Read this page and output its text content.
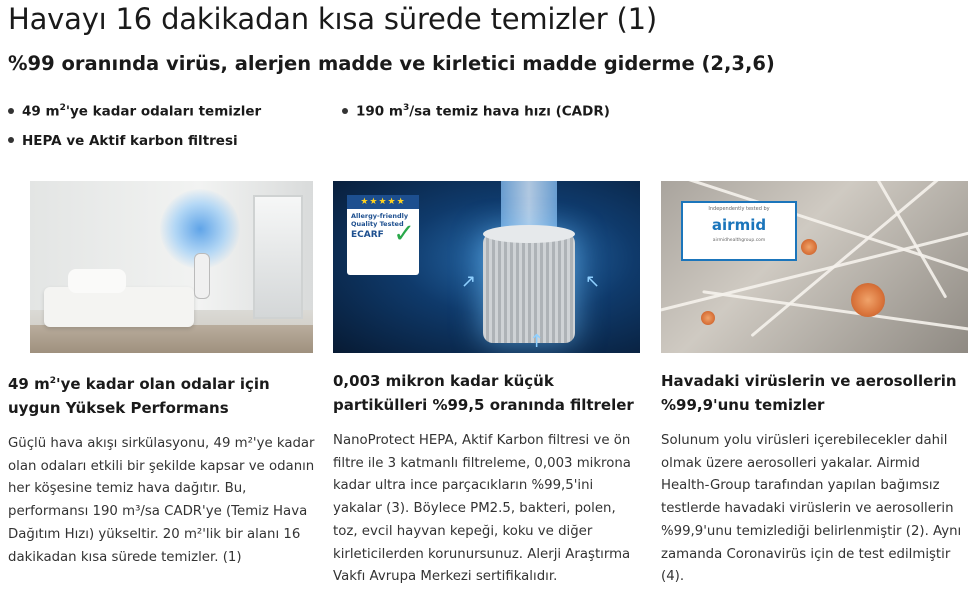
Havayı 16 dakikadan kısa sürede temizler (1)
%99 oranında virüs, alerjen madde ve kirletici madde giderme (2,3,6)
49 $m^2'ye$ kadar odaları temizler	190 $m^3/sa$ temiz hava hızı (CADR)
HEPA ve Aktif karbon filtresi
49 $m^2'ye$ kadar olan odalar için uygun Yüksek Performans

Güçlü hava akışı sirkülasyonu, 49 m²'ye kadar olan odaları etkili bir şekilde kapsar ve odanın her köşesine temiz hava dağıtır. Bu, performansı 190 m³/sa CADR'ye (Temiz Hava Dağıtım Hızı) yükseltir. 20 m²'lik bir alanı 16 dakikadan kısa sürede temizler. (1)

↗	↖
↑
★★★★★
Allergy-friendly
Quality Tested
ECARF ✓
0,003 mikron kadar küçük partikülleri %99,5 oranında filtreler

NanoProtect HEPA, Aktif Karbon filtresi ve ön filtre ile 3 katmanlı filtreleme, 0,003 mikrona kadar ultra ince parçacıkların %99,5'ini yakalar (3). Böylece PM2.5, bakteri, polen, toz, evcil hayvan kepeği, koku ve diğer kirleticilerden korunursunuz. Alerji Araştırma Vakfı Avrupa Merkezi sertifikalıdır.

Independently tested by
airmid
airmidhealthgroup.com
Havadaki virüslerin ve aerosollerin %99,9'unu temizler

Solunum yolu virüsleri içerebilecekler dahil olmak üzere aerosolleri yakalar. Airmid Health-Group tarafından yapılan bağımsız testlerde havadaki virüslerin ve aerosollerin %99,9'unu temizlediği belirlenmiştir (2). Aynı zamanda Coronavirüs için de test edilmiştir (4).
